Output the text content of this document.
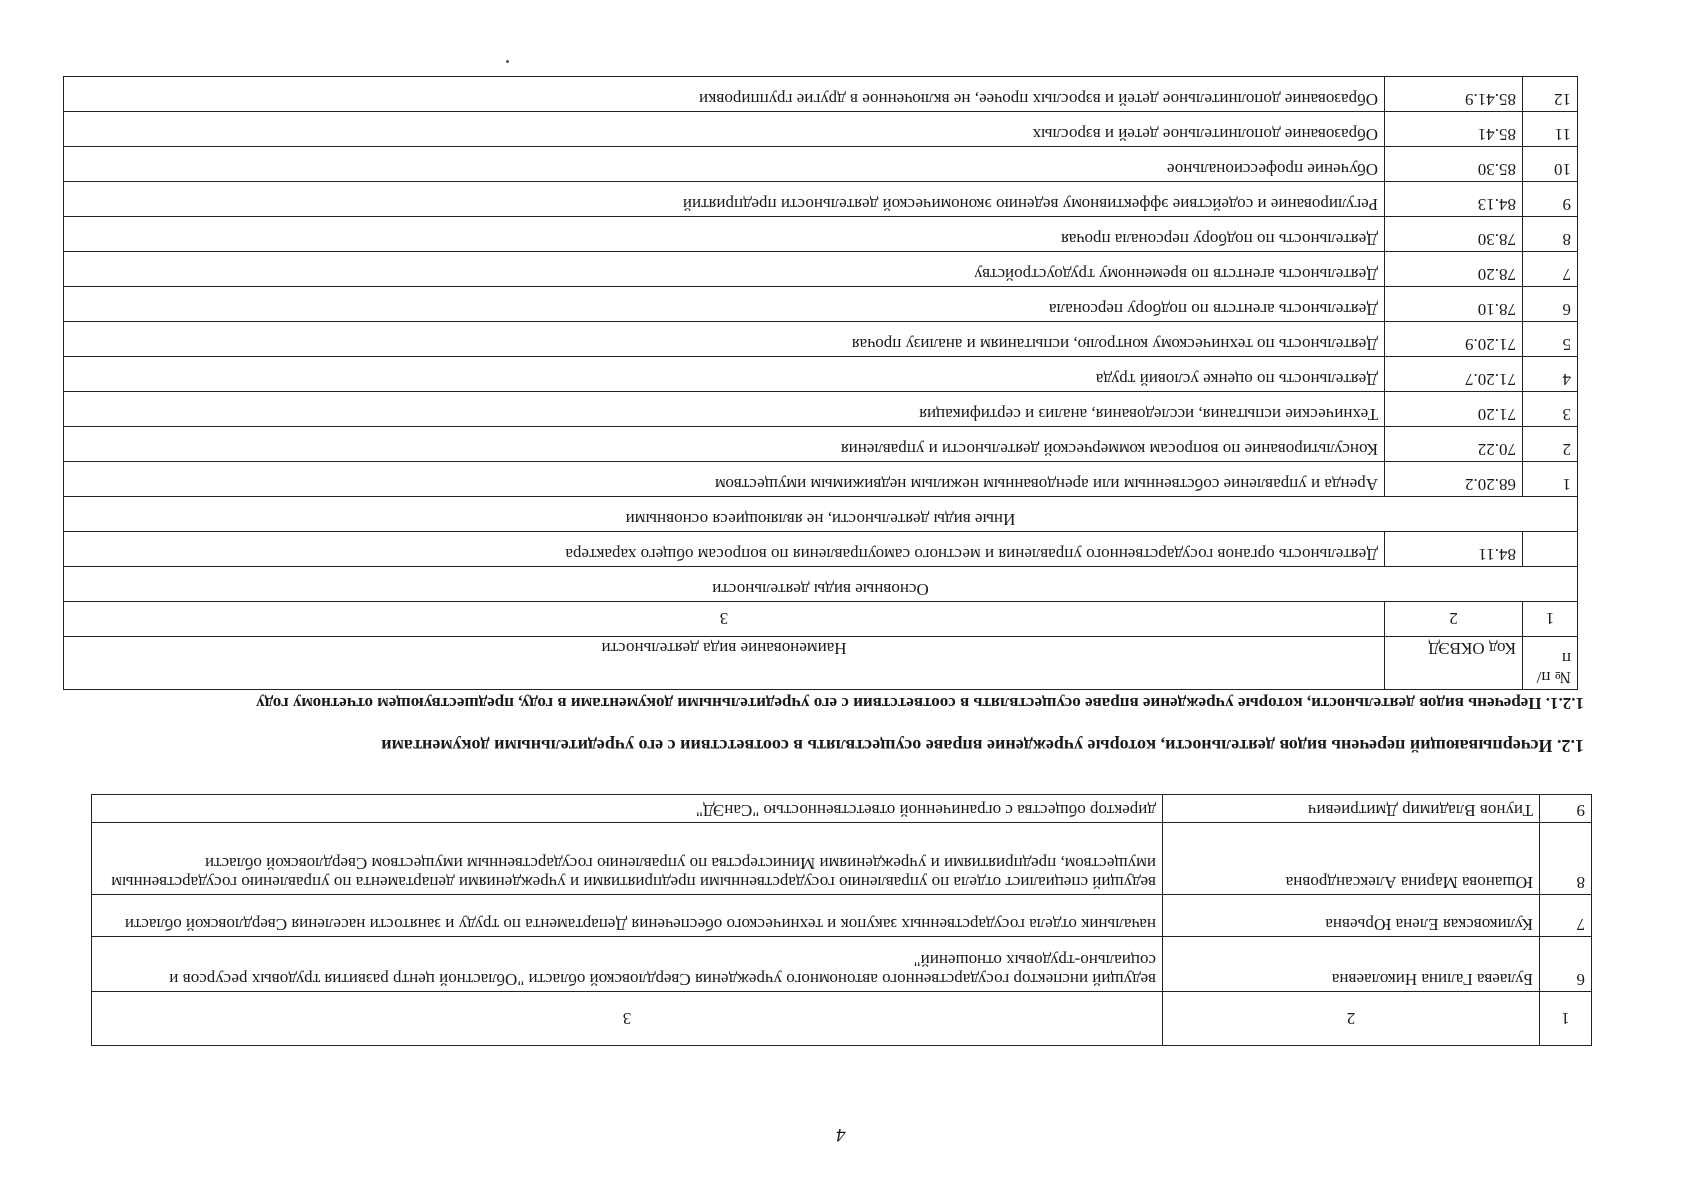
4
1	2	3
6	Булаева Галина Николаевна	ведущий инспектор государственного автономного учреждения Свердловской области "Областной центр развития трудовых ресурсов и социально-трудовых отношений"
7	Куликовская Елена Юрьевна	начальник отдела государственных закупок и технического обеспечения Департамента по труду и занятости населения Свердловской области
8	Юшанова Марина Александровна	ведущий специалист отдела по управлению государственными предприятиями и учреждениями департамента по управлению государственным имуществом, предприятиями и учреждениями Министерства по управлению государственным имуществом Свердловской области
9	Тиунов Владимир Дмитриевич	директор общества с ограниченной ответственностью "СанЭД"
1.2. Исчерпывающий перечень видов деятельности, которые учреждение вправе осуществлять в соответствии с его учредительными документами
1.2.1. Перечень видов деятельности, которые учреждение вправе осуществлять в соответствии с его учредительными документами в году, предшествующем отчетному году
№ п/п	Код ОКВЭД	Наименование вида деятельности
1	2	3
Основные виды деятельности		
	84.11	Деятельность органов государственного управления и местного самоуправления по вопросам общего характера
Иные виды деятельности, не являющиеся основными		
1	68.20.2	Аренда и управление собственным или арендованным нежилым недвижимым имуществом
2	70.22	Консультирование по вопросам коммерческой деятельности и управления
3	71.20	Технические испытания, исследования, анализ и сертификация
4	71.20.7	Деятельность по оценке условий труда
5	71.20.9	Деятельность по техническому контролю, испытаниям и анализу прочая
6	78.10	Деятельность агентств по подбору персонала
7	78.20	Деятельность агентств по временному трудоустройству
8	78.30	Деятельность по подбору персонала прочая
9	84.13	Регулирование и содействие эффективному ведению экономической деятельности предприятий
10	85.30	Обучение профессиональное
11	85.41	Образование дополнительное детей и взрослых
12	85.41.9	Образование дополнительное детей и взрослых прочее, не включенное в другие группировки
